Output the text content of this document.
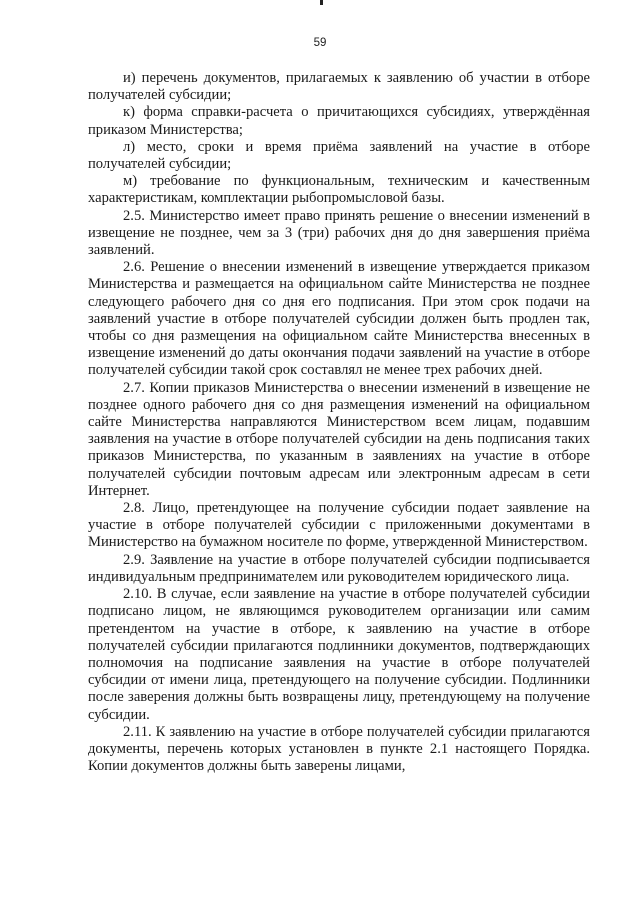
59

и) перечень документов, прилагаемых к заявлению об участии в отборе получателей субсидии;

к) форма справки-расчета о причитающихся субсидиях, утверждённая приказом Министерства;

л) место, сроки и время приёма заявлений на участие в отборе получателей субсидии;

м) требование по функциональным, техническим и качественным характеристикам, комплектации рыбопромысловой базы.

2.5. Министерство имеет право принять решение о внесении изменений в извещение не позднее, чем за 3 (три) рабочих дня до дня завершения приёма заявлений.

2.6. Решение о внесении изменений в извещение утверждается приказом Министерства и размещается на официальном сайте Министерства не позднее следующего рабочего дня со дня его подписания. При этом срок подачи на заявлений участие в отборе получателей субсидии должен быть продлен так, чтобы со дня размещения на официальном сайте Министерства внесенных в извещение изменений до даты окончания подачи заявлений на участие в отборе получателей субсидии такой срок составлял не менее трех рабочих дней.

2.7. Копии приказов Министерства о внесении изменений в извещение не позднее одного рабочего дня со дня размещения изменений на официальном сайте Министерства направляются Министерством всем лицам, подавшим заявления на участие в отборе получателей субсидии на день подписания таких приказов Министерства, по указанным в заявлениях на участие в отборе получателей субсидии почтовым адресам или электронным адресам в сети Интернет.

2.8. Лицо, претендующее на получение субсидии подает заявление на участие в отборе получателей субсидии с приложенными документами в Министерство на бумажном носителе по форме, утвержденной Министерством.

2.9. Заявление на участие в отборе получателей субсидии подписывается индивидуальным предпринимателем или руководителем юридического лица.

2.10. В случае, если заявление на участие в отборе получателей субсидии подписано лицом, не являющимся руководителем организации или самим претендентом на участие в отборе, к заявлению на участие в отборе получателей субсидии прилагаются подлинники документов, подтверждающих полномочия на подписание заявления на участие в отборе получателей субсидии от имени лица, претендующего на получение субсидии. Подлинники после заверения должны быть возвращены лицу, претендующему на получение субсидии.

2.11. К заявлению на участие в отборе получателей субсидии прилагаются документы, перечень которых установлен в пункте 2.1 настоящего Порядка. Копии документов должны быть заверены лицами,
